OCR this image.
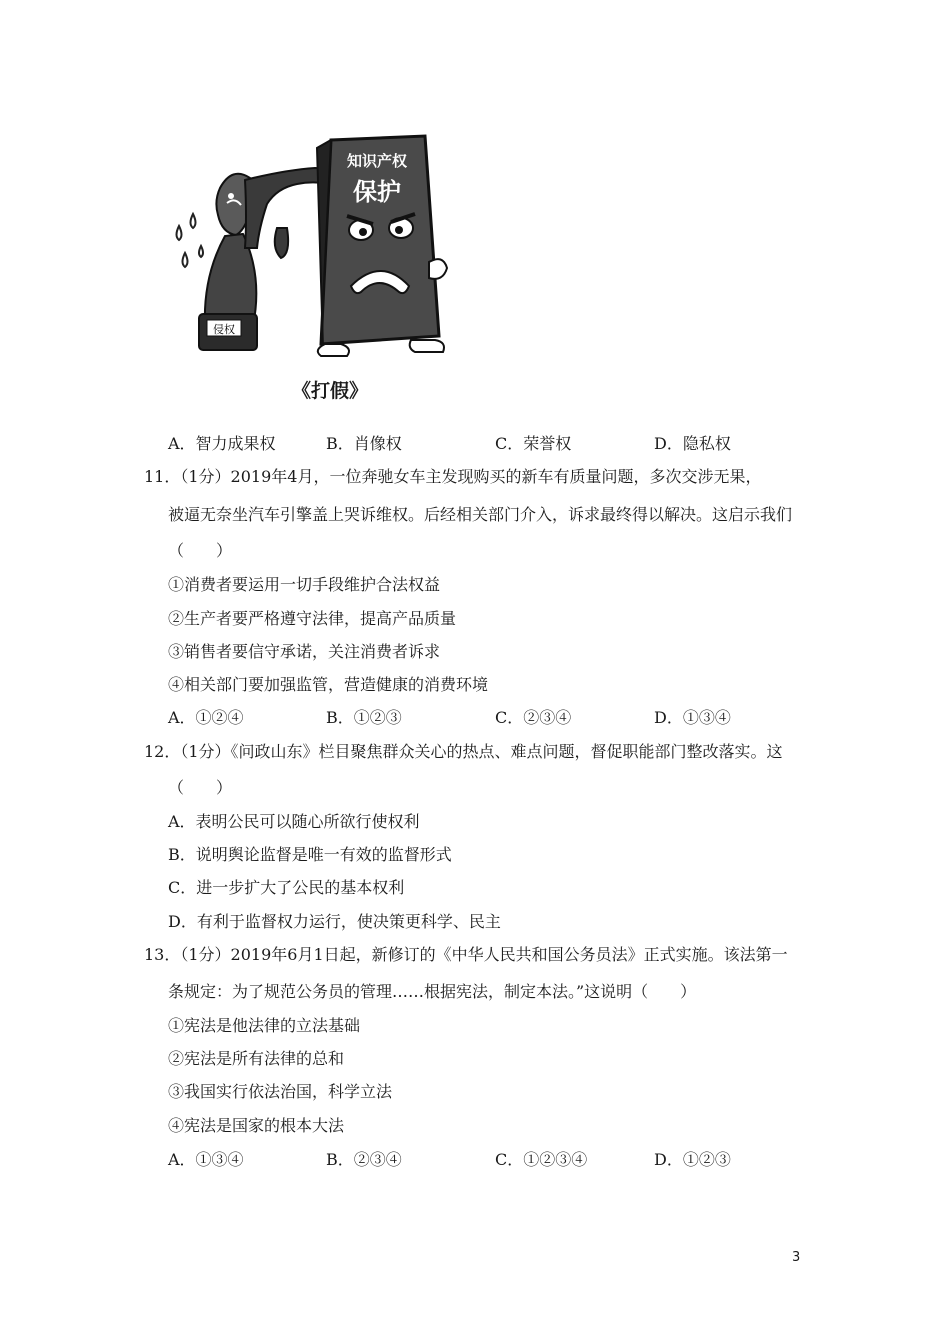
侵权
知识产权
保护
《打假》
A．智力成果权	B．肖像权	C．荣誉权	D．隐私权
11．（1分）2019年4月，一位奔驰女车主发现购买的新车有质量问题，多次交涉无果，
被逼无奈坐汽车引擎盖上哭诉维权。后经相关部门介入，诉求最终得以解决。这启示我们
（　　）
①消费者要运用一切手段维护合法权益
②生产者要严格遵守法律，提高产品质量
③销售者要信守承诺，关注消费者诉求
④相关部门要加强监管，营造健康的消费环境
A．①②④	B．①②③	C．②③④	D．①③④
12．（1分）《问政山东》栏目聚焦群众关心的热点、难点问题，督促职能部门整改落实。这
（　　）
A．表明公民可以随心所欲行使权利
B．说明舆论监督是唯一有效的监督形式
C．进一步扩大了公民的基本权利
D．有利于监督权力运行，使决策更科学、民主
13．（1分）2019年6月1日起，新修订的《中华人民共和国公务员法》正式实施。该法第一
条规定：为了规范公务员的管理……根据宪法，制定本法。”这说明（　　）
①宪法是他法律的立法基础
②宪法是所有法律的总和
③我国实行依法治国，科学立法
④宪法是国家的根本大法
A．①③④	B．②③④	C．①②③④	D．①②③
3
